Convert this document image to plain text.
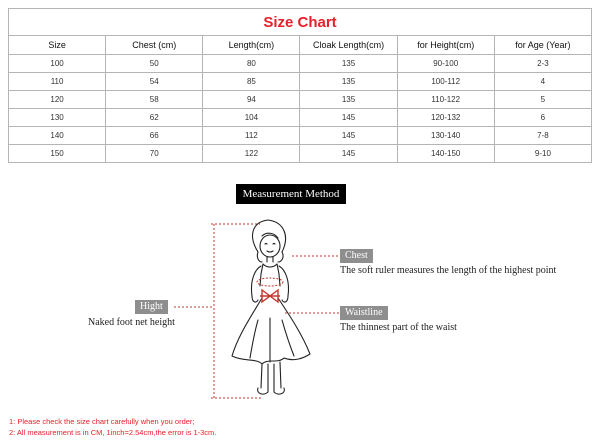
Size Chart					
Size	Chest (cm)	Length(cm)	Cloak Length(cm)	for Height(cm)	for Age (Year)
100	50	80	135	90-100	2-3
110	54	85	135	100-112	4
120	58	94	135	110-122	5
130	62	104	145	120-132	6
140	66	112	145	130-140	7-8
150	70	122	145	140-150	9-10
Measurement Method
Chest
The soft ruler measures the length of the highest point
Waistline
The thinnest part of the waist
Hight
Naked foot net height
1: Please check the size chart carefully when you order;
2: All measurement is in CM, 1inch=2.54cm,the error is 1-3cm.
